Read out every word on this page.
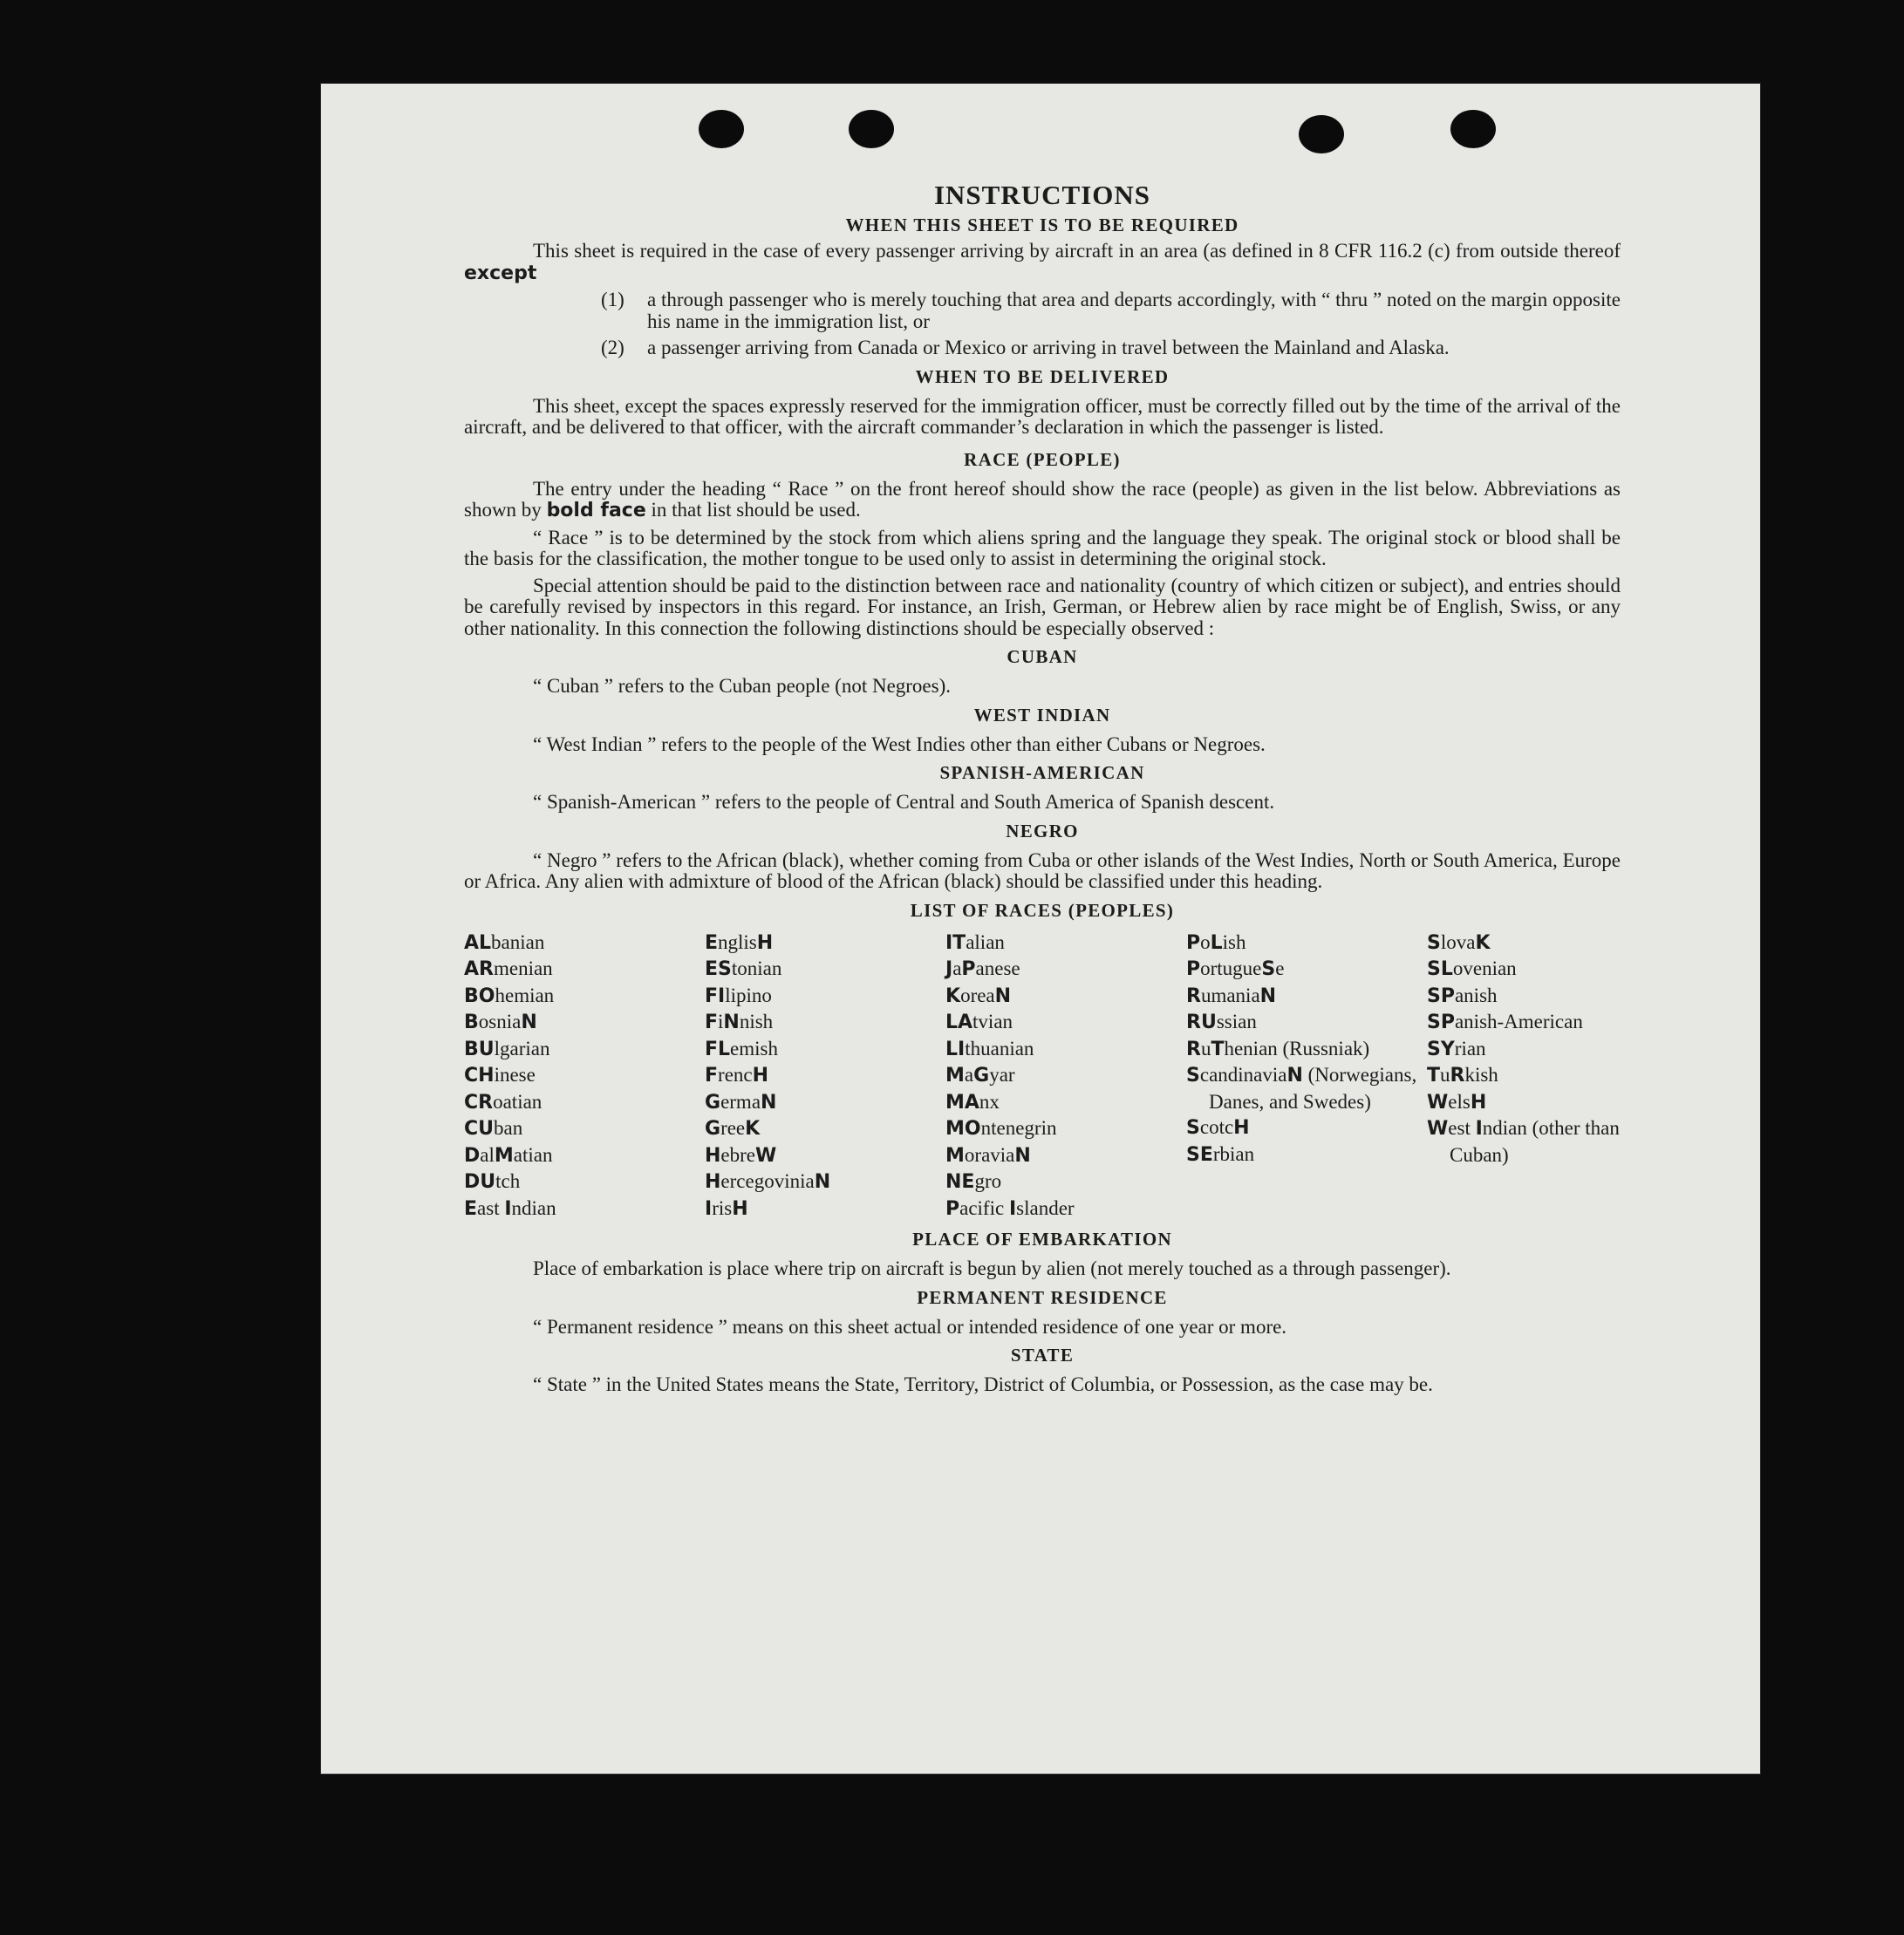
INSTRUCTIONS
WHEN THIS SHEET IS TO BE REQUIRED

This sheet is required in the case of every passenger arriving by aircraft in an area (as defined in 8 CFR 116.2 (c) from outside thereof except

(1) a through passenger who is merely touching that area and departs accordingly, with “ thru ” noted on the margin opposite his name in the immigration list, or
(2) a passenger arriving from Canada or Mexico or arriving in travel between the Mainland and Alaska.
WHEN TO BE DELIVERED

This sheet, except the spaces expressly reserved for the immigration officer, must be correctly filled out by the time of the arrival of the aircraft, and be delivered to that officer, with the aircraft commander’s declaration in which the passenger is listed.

RACE (PEOPLE)

The entry under the heading “ Race ” on the front hereof should show the race (people) as given in the list below. Abbreviations as shown by bold face in that list should be used.

“ Race ” is to be determined by the stock from which aliens spring and the language they speak. The original stock or blood shall be the basis for the classification, the mother tongue to be used only to assist in determining the original stock.

Special attention should be paid to the distinction between race and nationality (country of which citizen or subject), and entries should be carefully revised by inspectors in this regard. For instance, an Irish, German, or Hebrew alien by race might be of English, Swiss, or any other nationality. In this connection the following distinctions should be especially observed :

CUBAN

“ Cuban ” refers to the Cuban people (not Negroes).

WEST INDIAN

“ West Indian ” refers to the people of the West Indies other than either Cubans or Negroes.

SPANISH-AMERICAN

“ Spanish-American ” refers to the people of Central and South America of Spanish descent.

NEGRO

“ Negro ” refers to the African (black), whether coming from Cuba or other islands of the West Indies, North or South America, Europe or Africa. Any alien with admixture of blood of the African (black) should be classified under this heading.

LIST OF RACES (PEOPLES)
ALbanian
ARmenian
BOhemian
BosniaN
BUlgarian
CHinese
CRoatian
CUban
DalMatian
DUtch
East Indian
EnglisH
EStonian
FIlipino
FiNnish
FLemish
FrencH
GermaN
GreeK
HebreW
HercegoviniaN
IrisH
ITalian
JaPanese
KoreaN
LAtvian
LIthuanian
MaGyar
MAnx
MOntenegrin
MoraviaN
NEgro
Pacific Islander
PoLish
PortugueSe
RumaniaN
RUssian
RuThenian (Russniak)
ScandinaviaN (Norwegians, Danes, and Swedes)
ScotcH
SErbian
SlovaK
SLovenian
SPanish
SPanish-American
SYrian
TuRkish
WelsH
West Indian (other than Cuban)
PLACE OF EMBARKATION

Place of embarkation is place where trip on aircraft is begun by alien (not merely touched as a through passenger).

PERMANENT RESIDENCE

“ Permanent residence ” means on this sheet actual or intended residence of one year or more.

STATE

“ State ” in the United States means the State, Territory, District of Columbia, or Possession, as the case may be.
